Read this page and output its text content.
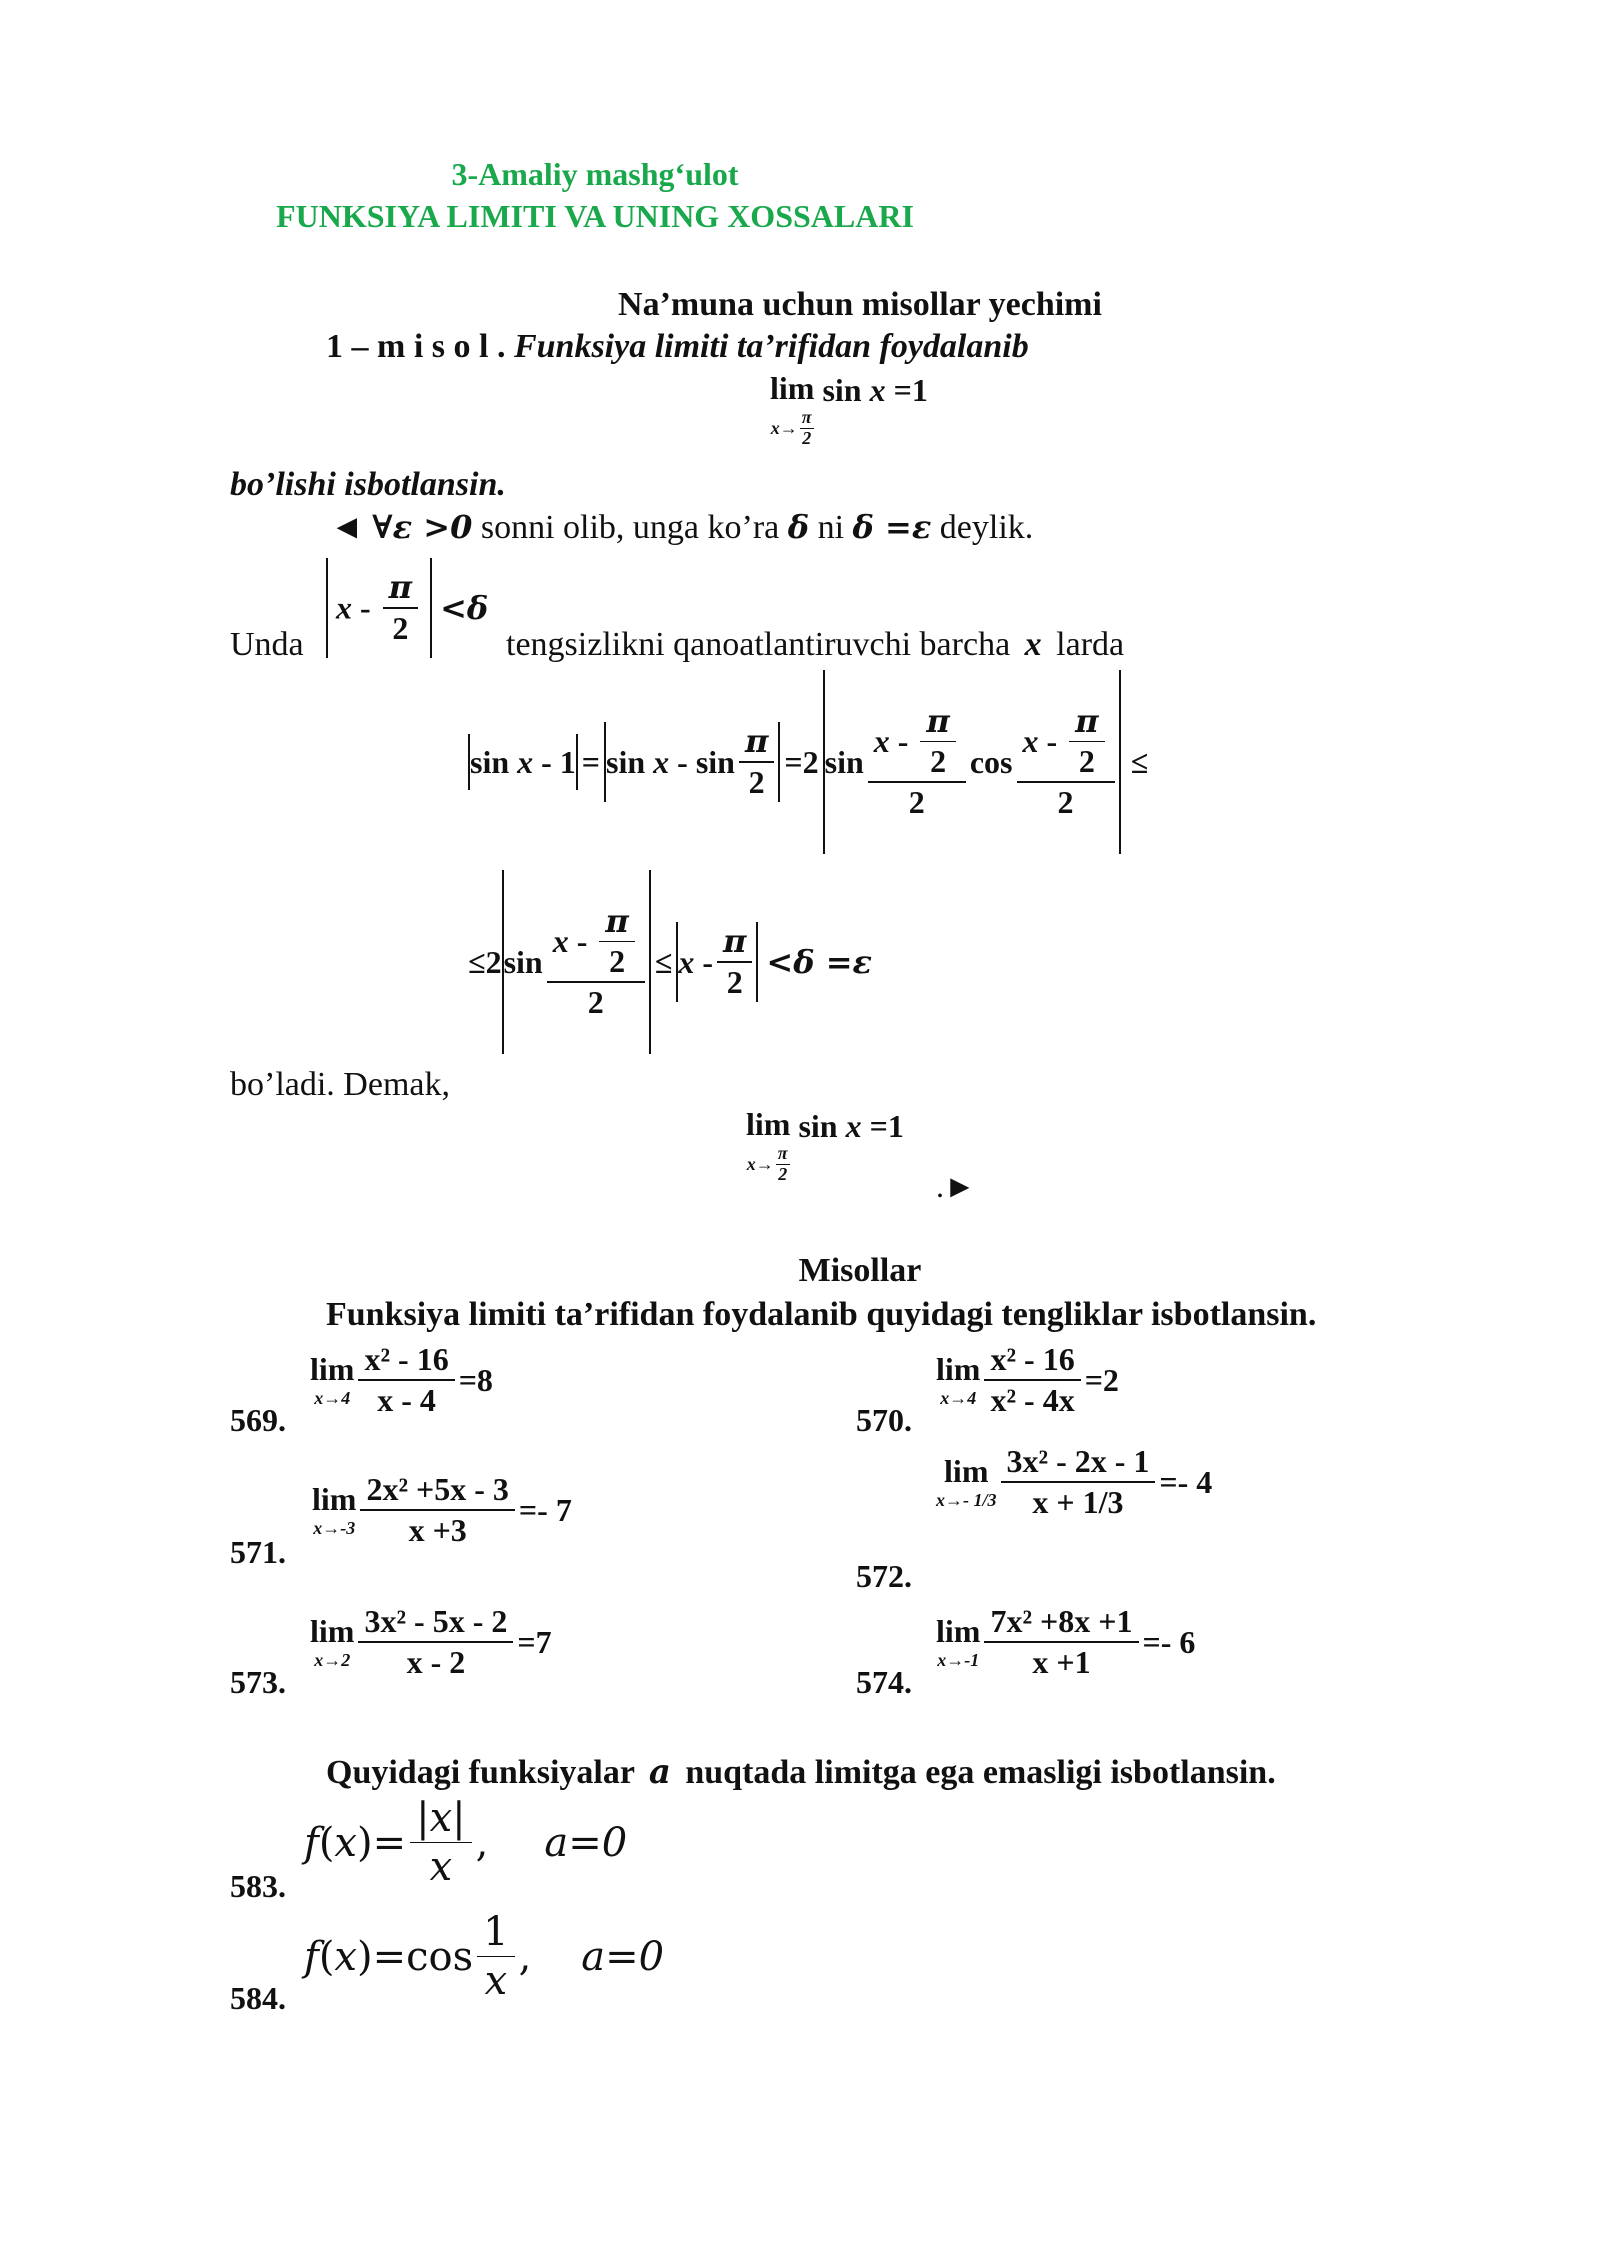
3-Amaliy mashg‘ulot
FUNKSIYA LIMITI VA UNING XOSSALARI
Na’muna uchun misollar yechimi
1 – m i s o l . Funksiya limiti ta’rifidan foydalanib
lim
$x \to \frac{\pi}{2}$
sin x =1
bo’lishi isbotlansin.
◄ ∀ε >0 sonni olib, unga ko’ra δ ni δ =ε deylik.
Unda
$x - \frac{\pi}{2} <\delta$
tengsizlikni qanoatlantiruvchi barcha x larda
$\sin x - 1 = \sin x - \sin \frac{\pi}{2} =2$ $\sin \frac{x - \frac{\pi}{2}}{2}$ $\cos \frac{x - \frac{\pi}{2}}{2}$ ≤
≤2 $\sin \frac{x - \frac{\pi}{2}}{2} \le x - \frac{\pi}{2} <\delta =\varepsilon$
bo’ladi. Demak,
lim
$x \to \frac{\pi}{2}$
sin x =1
.►
Misollar
Funksiya limiti ta’rifidan foydalanib quyidagi tengliklar isbotlansin.
569.
lim
$x\to 4 \frac{\text{x² - 16}}{x - 4} =8$
570.
lim
$x\to 4 \frac{\text{x² - 16}}{\text{x² - 4x}} =2$
571.
lim
$x\to-3 \frac{\text{2x² +5x - 3}}{x +3} =- 7$
572.
lim
x→- $1/3 \frac{\text{3x² - 2x - 1}}{x + 1/3} =- 4$
573.
lim
$x\to 2 \frac{\text{3x² - 5x - 2}}{x - 2} =7$
574.
lim
$x\to-1 \frac{\text{7x² +8x +1}}{x +1} =- 6$
Quyidagi funksiyalar a nuqtada limitga ega emasligi isbotlansin.
583.
f ( x )= $\frac{|x|}{x}$ , a=0
584.
f ( x )$=\cos \frac{1}{x}$ , a=0
